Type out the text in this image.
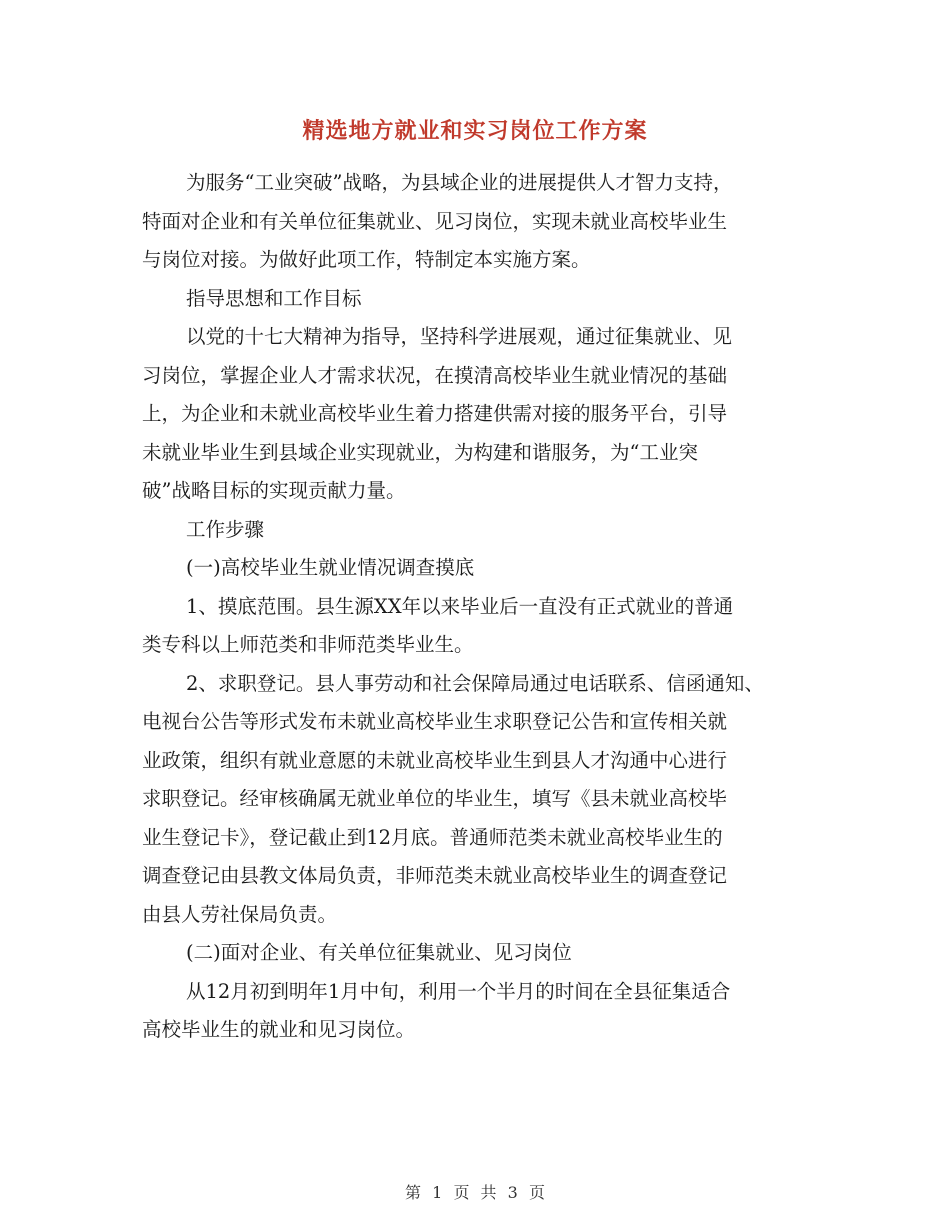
精选地方就业和实习岗位工作方案
为服务“工业突破”战略，为县域企业的进展提供人才智力支持，
特面对企业和有关单位征集就业、见习岗位，实现未就业高校毕业生
与岗位对接。为做好此项工作，特制定本实施方案。
指导思想和工作目标
以党的十七大精神为指导，坚持科学进展观，通过征集就业、见
习岗位，掌握企业人才需求状况，在摸清高校毕业生就业情况的基础
上，为企业和未就业高校毕业生着力搭建供需对接的服务平台，引导
未就业毕业生到县域企业实现就业，为构建和谐服务，为“工业突
破”战略目标的实现贡献力量。
工作步骤
(一)高校毕业生就业情况调查摸底
1、摸底范围。县生源XX年以来毕业后一直没有正式就业的普通
类专科以上师范类和非师范类毕业生。
2、求职登记。县人事劳动和社会保障局通过电话联系、信函通知、
电视台公告等形式发布未就业高校毕业生求职登记公告和宣传相关就
业政策，组织有就业意愿的未就业高校毕业生到县人才沟通中心进行
求职登记。经审核确属无就业单位的毕业生，填写《县未就业高校毕
业生登记卡》，登记截止到12月底。普通师范类未就业高校毕业生的
调查登记由县教文体局负责，非师范类未就业高校毕业生的调查登记
由县人劳社保局负责。
(二)面对企业、有关单位征集就业、见习岗位
从12月初到明年1月中旬，利用一个半月的时间在全县征集适合
高校毕业生的就业和见习岗位。
第 1 页 共 3 页
